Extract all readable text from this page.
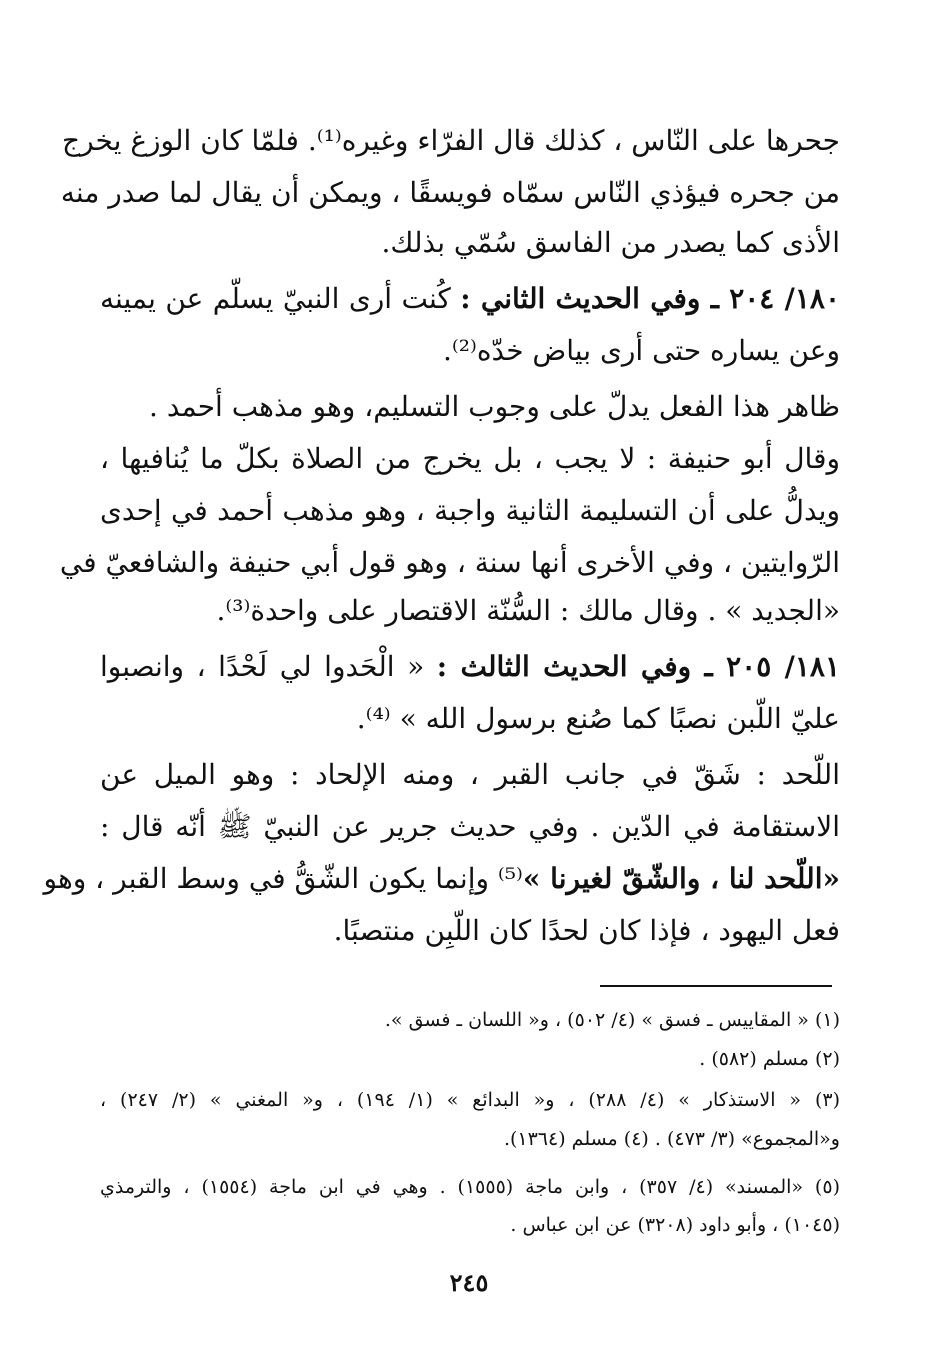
جحرها على النّاس ، كذلك قال الفرّاء وغيره⁽¹⁾. فلمّا كان الوزغ يخرج
من جحره فيؤذي النّاس سمّاه فويسقًا ، ويمكن أن يقال لما صدر منه
الأذى كما يصدر من الفاسق سُمّي بذلك.
١٨٠/ ٢٠٤ ـ وفي الحديث الثاني : كُنت أرى النبيّ يسلّم عن يمينه
وعن يساره حتى أرى بياض خدّه⁽²⁾.
ظاهر هذا الفعل يدلّ على وجوب التسليم، وهو مذهب أحمد .
وقال أبو حنيفة : لا يجب ، بل يخرج من الصلاة بكلّ ما يُنافيها ،
ويدلُّ على أن التسليمة الثانية واجبة ، وهو مذهب أحمد في إحدى
الرّوايتين ، وفي الأخرى أنها سنة ، وهو قول أبي حنيفة والشافعيّ في
«الجديد » . وقال مالك : السُّنّة الاقتصار على واحدة⁽³⁾.
١٨١/ ٢٠٥ ـ وفي الحديث الثالث : « الْحَدوا لي لَحْدًا ، وانصبوا
عليّ اللّبن نصبًا كما صُنع برسول الله » ⁽⁴⁾.
اللّحد : شَقّ في جانب القبر ، ومنه الإلحاد : وهو الميل عن
الاستقامة في الدّين . وفي حديث جرير عن النبيّ ﷺ أنّه قال :
«اللّحد لنا ، والشّقّ لغيرنا »⁽⁵⁾ وإنما يكون الشّقُّ في وسط القبر ، وهو
فعل اليهود ، فإذا كان لحدًا كان اللّبِن منتصبًا.
(١) « المقاييس ـ فسق » (٤/ ٥٠٢) ، و« اللسان ـ فسق ».
(٢) مسلم (٥٨٢) .
(٣) « الاستذكار » (٤/ ٢٨٨) ، و« البدائع » (١/ ١٩٤) ، و« المغني » (٢/ ٢٤٧) ،
و«المجموع» (٣/ ٤٧٣) . (٤) مسلم (١٣٦٤).
(٥) «المسند» (٤/ ٣٥٧) ، وابن ماجة (١٥٥٥) . وهي في ابن ماجة (١٥٥٤) ، والترمذي
(١٠٤٥) ، وأبو داود (٣٢٠٨) عن ابن عباس .
٢٤٥
